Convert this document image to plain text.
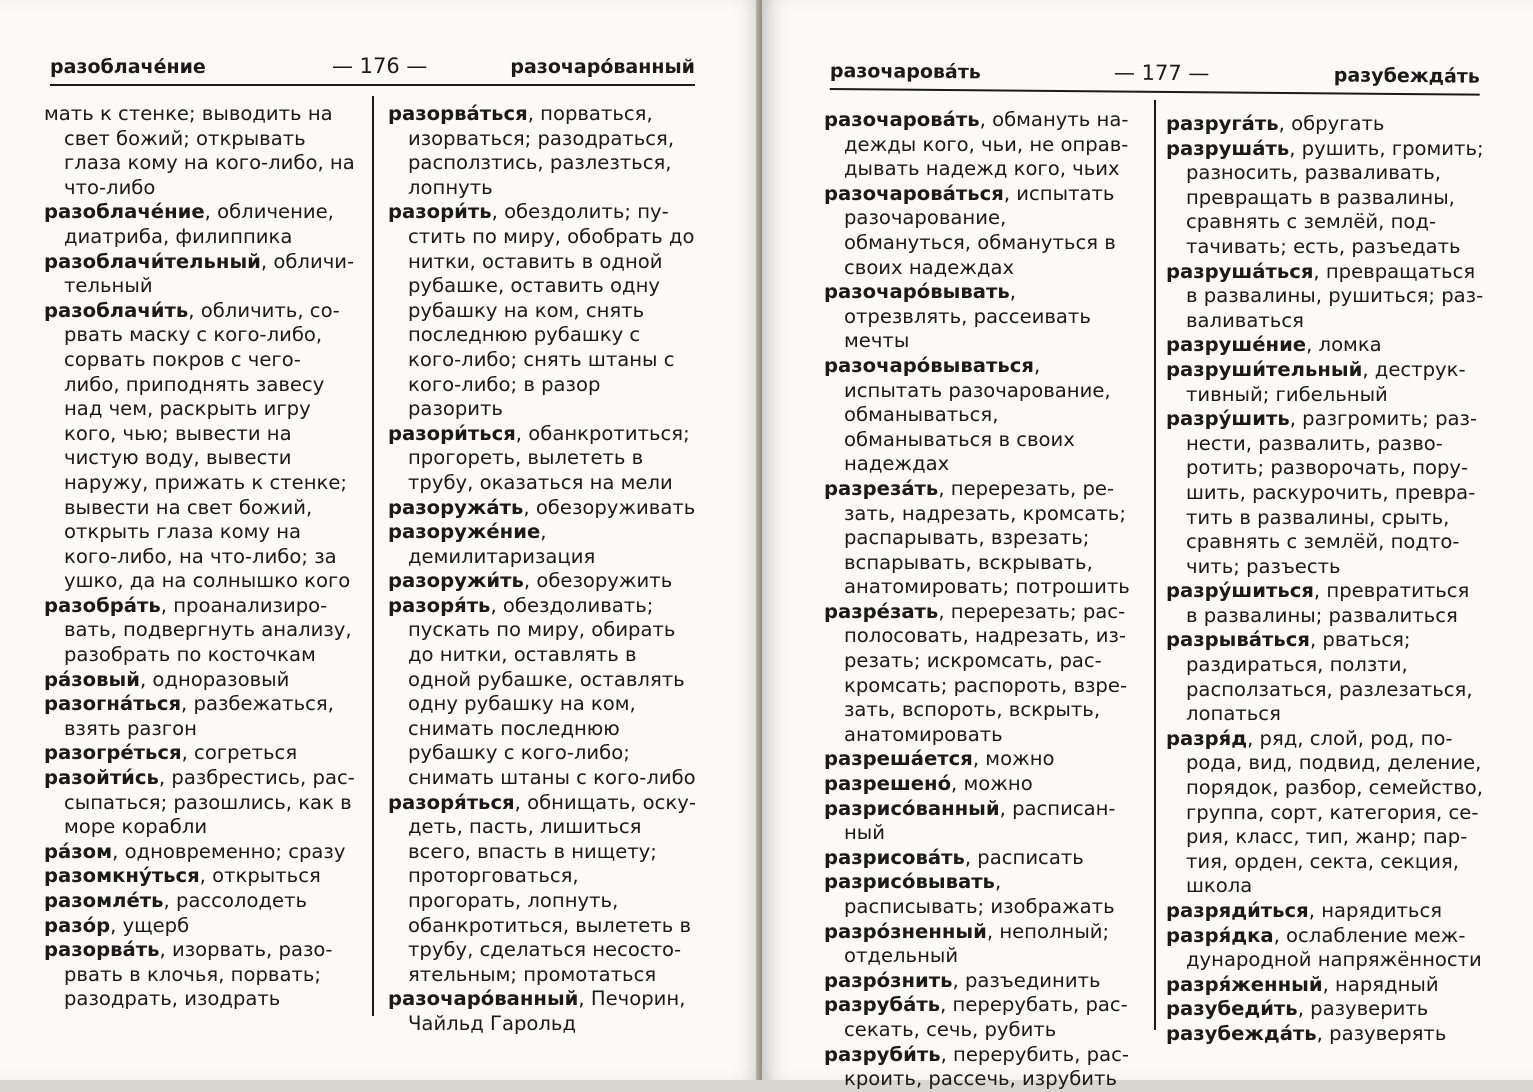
разоблаче́ние	— 176 —	разочаро́ванный

мать к стенке; выводить на свет божий; открывать глаза кому на кого-либо, на что-либо

разоблаче́ние, обличение, диатриба, филиппика

разоблачи́тельный, обличительный

разоблачи́ть, обличить, сорвать маску с кого-либо, сорвать покров с чего-либо, приподнять завесу над чем, раскрыть игру кого, чью; вывести на чистую воду, вывести наружу, прижать к стенке; вывести на свет божий, открыть глаза кому на кого-либо, на что-либо; за ушко, да на солнышко кого

разобра́ть, проанализировать, подвергнуть анализу, разобрать по косточкам

ра́зовый, одноразовый

разогна́ться, разбежаться, взять разгон

разогре́ться, согреться

разойти́сь, разбрестись, рассыпаться; разошлись, как в море корабли

ра́зом, одновременно; сразу

разомкну́ться, открыться

разомле́ть, рассолодеть

разо́р, ущерб

разорва́ть, изорвать, разорвать в клочья, порвать; разодрать, изодрать

разорва́ться, порваться, изорваться; разодраться, расползтись, разлезться, лопнуть

разори́ть, обездолить; пустить по миру, обобрать до нитки, оставить в одной рубашке, оставить одну рубашку на ком, снять последнюю рубашку с кого-либо; снять штаны с кого-либо; в разор разорить

разори́ться, обанкротиться; прогореть, вылететь в трубу, оказаться на мели

разоружа́ть, обезоруживать

разоруже́ние, демилитаризация

разоружи́ть, обезоружить

разоря́ть, обездоливать; пускать по миру, обирать до нитки, оставлять в одной рубашке, оставлять одну рубашку на ком, снимать последнюю рубашку с кого-либо; снимать штаны с кого-либо

разоря́ться, обнищать, оскудеть, пасть, лишиться всего, впасть в нищету; проторговаться, прогорать, лопнуть, обанкротиться, вылететь в трубу, сделаться несостоятельным; промотаться

разочаро́ванный, Печорин, Чайльд Гарольд

разочарова́ть	— 177 —	разубежда́ть

разочарова́ть, обмануть надежды кого, чьи, не оправдывать надежд кого, чьих

разочарова́ться, испытать разочарование, обмануться, обмануться в своих надеждах

разочаро́вывать, отрезвлять, рассеивать мечты

разочаро́вываться, испытать разочарование, обманываться, обманываться в своих надеждах

разреза́ть, перерезать, резать, надрезать, кромсать; распарывать, взрезать; вспарывать, вскрывать, анатомировать; потрошить

разре́зать, перерезать; располосовать, надрезать, изрезать; искромсать, раскромсать; распороть, взрезать, вспороть, вскрыть, анатомировать

разреша́ется, можно

разрешено́, можно

разрисо́ванный, расписанный

разрисова́ть, расписать

разрисо́вывать, расписывать; изображать

разро́зненный, неполный; отдельный

разро́знить, разъединить

разруба́ть, перерубать, рассекать, сечь, рубить

разруби́ть, перерубить, раскроить, рассечь, изрубить

разруга́ть, обругать

разруша́ть, рушить, громить; разносить, разваливать, превращать в развалины, сравнять с землёй, подтачивать; есть, разъедать

разруша́ться, превращаться в развалины, рушиться; разваливаться

разруше́ние, ломка

разруши́тельный, деструктивный; гибельный

разру́шить, разгромить; разнести, развалить, разворотить; разворочать, порушить, раскурочить, превратить в развалины, срыть, сравнять с землёй, подточить; разъесть

разру́шиться, превратиться в развалины; развалиться

разрыва́ться, рваться; раздираться, ползти, расползаться, разлезаться, лопаться

разря́д, ряд, слой, род, порода, вид, подвид, деление, порядок, разбор, семейство, группа, сорт, категория, серия, класс, тип, жанр; партия, орден, секта, секция, школа

разряди́ться, нарядиться

разря́дка, ослабление международной напряжённости

разря́женный, нарядный

разубеди́ть, разуверить

разубежда́ть, разуверять
